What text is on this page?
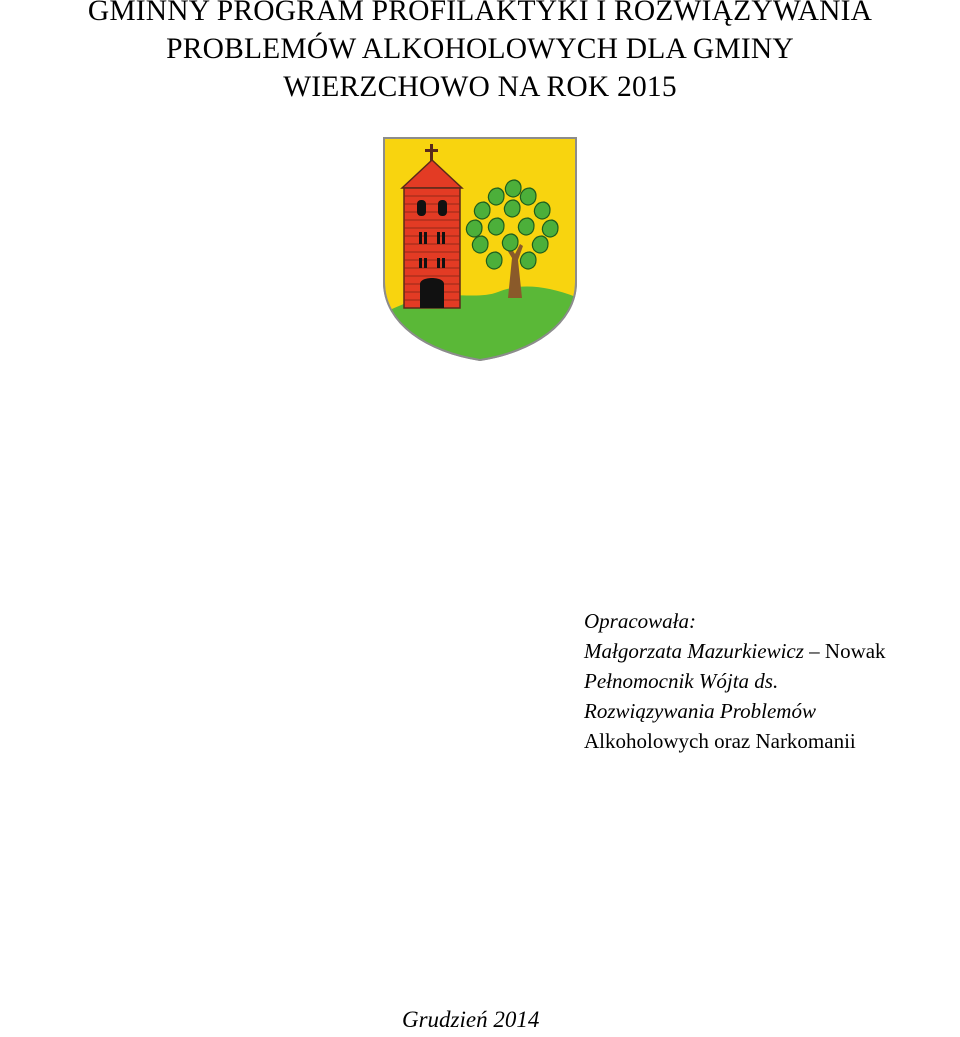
GMINNY PROGRAM PROFILAKTYKI I ROZWIĄZYWANIA
PROBLEMÓW ALKOHOLOWYCH DLA GMINY
WIERZCHOWO NA ROK 2015
Opracowała:
Małgorzata Mazurkiewicz – Nowak
Pełnomocnik Wójta ds.
Rozwiązywania Problemów
Alkoholowych oraz Narkomanii
Grudzień 2014
